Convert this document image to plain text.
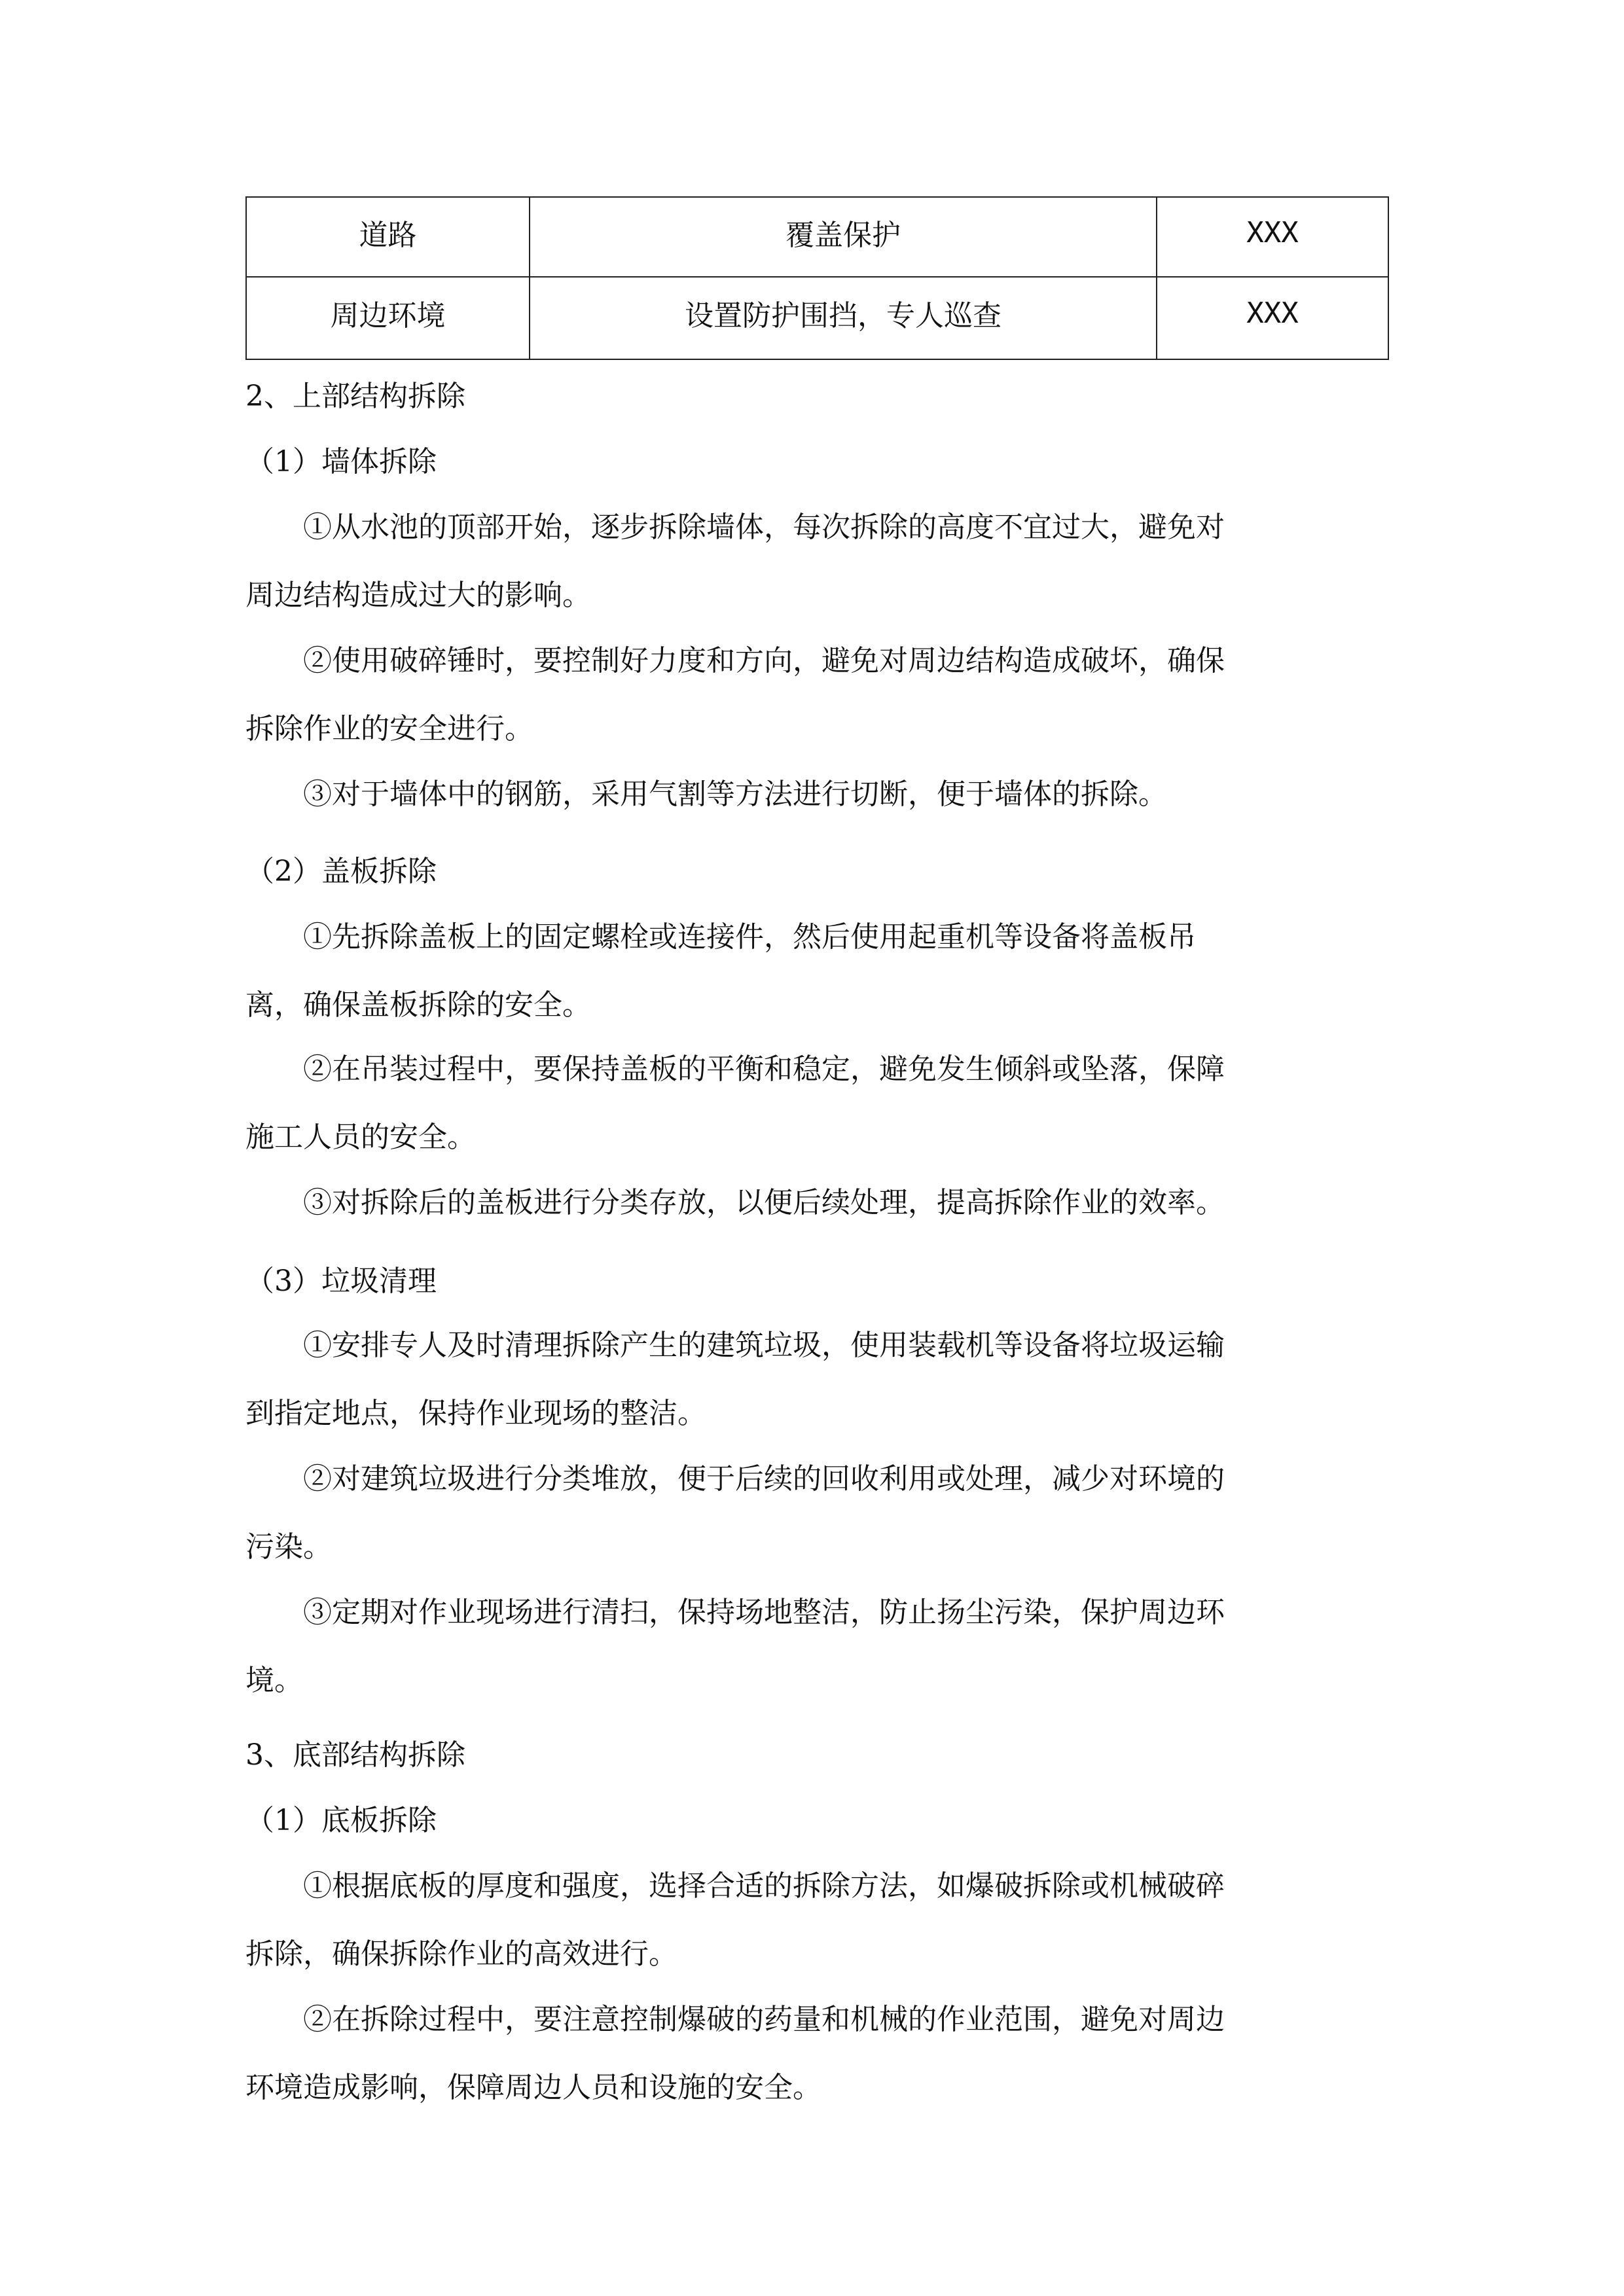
道路	覆盖保护	XXX
周边环境	设置防护围挡，专人巡查	XXX
2、上部结构拆除
（1）墙体拆除
①从水池的顶部开始，逐步拆除墙体，每次拆除的高度不宜过大，避免对
周边结构造成过大的影响。
②使用破碎锤时，要控制好力度和方向，避免对周边结构造成破坏，确保
拆除作业的安全进行。
③对于墙体中的钢筋，采用气割等方法进行切断，便于墙体的拆除。
（2）盖板拆除
①先拆除盖板上的固定螺栓或连接件，然后使用起重机等设备将盖板吊
离，确保盖板拆除的安全。
②在吊装过程中，要保持盖板的平衡和稳定，避免发生倾斜或坠落，保障
施工人员的安全。
③对拆除后的盖板进行分类存放，以便后续处理，提高拆除作业的效率。
（3）垃圾清理
①安排专人及时清理拆除产生的建筑垃圾，使用装载机等设备将垃圾运输
到指定地点，保持作业现场的整洁。
②对建筑垃圾进行分类堆放，便于后续的回收利用或处理，减少对环境的
污染。
③定期对作业现场进行清扫，保持场地整洁，防止扬尘污染，保护周边环
境。
3、底部结构拆除
（1）底板拆除
①根据底板的厚度和强度，选择合适的拆除方法，如爆破拆除或机械破碎
拆除，确保拆除作业的高效进行。
②在拆除过程中，要注意控制爆破的药量和机械的作业范围，避免对周边
环境造成影响，保障周边人员和设施的安全。
